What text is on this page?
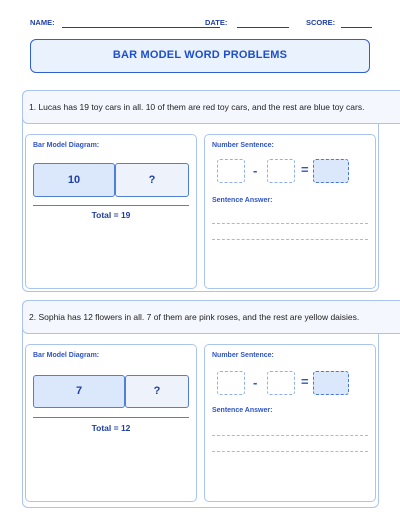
NAME:	DATE:	SCORE:
BAR MODEL WORD PROBLEMS
1. Lucas has 19 toy cars in all. 10 of them are red toy cars, and the rest are blue toy cars.
Bar Model Diagram:
10	?
Total = 19
Number Sentence:
-	=
Sentence Answer:
2. Sophia has 12 flowers in all. 7 of them are pink roses, and the rest are yellow daisies.
Bar Model Diagram:
7	?
Total = 12
Number Sentence:
-	=
Sentence Answer:
